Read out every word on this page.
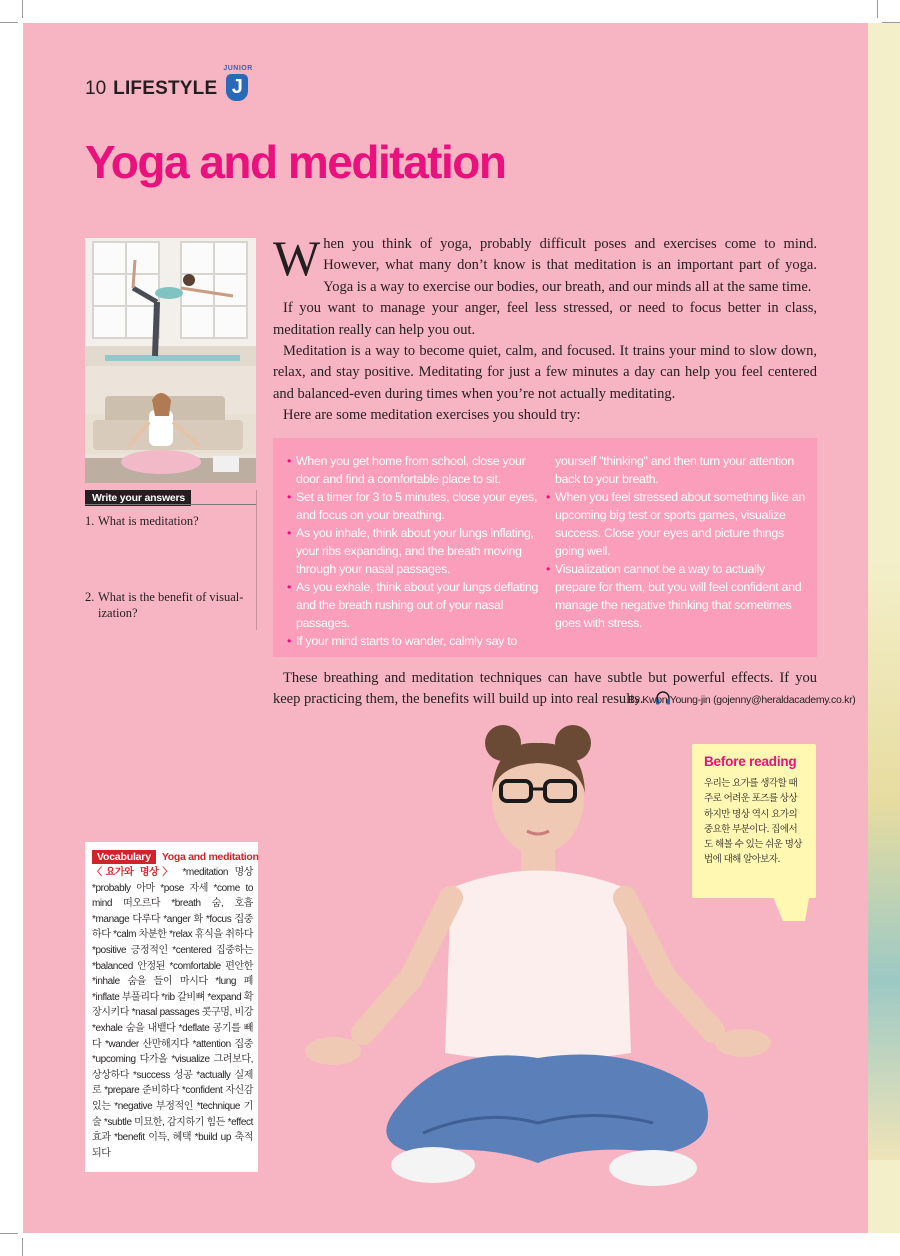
10 LIFESTYLE
JUNIOR
J
Yoga and meditation
Write your answers
1. What is meditation?
2. What is the benefit of visual-
ization?

When you think of yoga, probably difficult poses and exercises come to mind. However, what many don’t know is that meditation is an important part of yoga. Yoga is a way to exercise our bodies, our breath, and our minds all at the same time.

If you want to manage your anger, feel less stressed, or need to focus better in class, meditation really can help you out.

Meditation is a way to become quiet, calm, and focused. It trains your mind to slow down, relax, and stay positive. Meditating for just a few minutes a day can help you feel centered and balanced-even during times when you’re not actually meditating.

Here are some meditation exercises you should try:

• When you get home from school, close your door and find a comfortable place to sit.
• Set a timer for 3 to 5 minutes, close your eyes, and focus on your breathing.
• As you inhale, think about your lungs inflating, your ribs expanding, and the breath moving through your nasal passages.
• As you exhale, think about your lungs deflating and the breath rushing out of your nasal passages.
• If your mind starts to wander, calmly say to
yourself "thinking" and then turn your attention back to your breath.
• When you feel stressed about something like an upcoming big test or sports games, visualize success. Close your eyes and picture things going well.
• Visualization cannot be a way to actually prepare for them, but you will feel confident and manage the negative thinking that sometimes goes with stress.
These breathing and meditation techniques can have subtle but powerful effects. If you keep practicing them, the benefits will build up into real results.
By Kwon Young-jin (gojenny@heraldacademy.co.kr)
Before reading
우리는 요가를 생각할 때 주로 어려운 포즈를 상상하지만 명상 역시 요가의 중요한 부분이다. 집에서도 해볼 수 있는 쉬운 명상법에 대해 알아보자.
Vocabulary	Yoga and meditation
〈요가와 명상〉 *meditation 명상 *probably 아마 *pose 자세 *come to mind 떠오르다 *breath 숨, 호흡 *manage 다루다 *anger 화 *focus 집중하다 *calm 차분한 *relax 휴식을 취하다 *positive 긍정적인 *centered 집중하는 *balanced 안정된 *comfortable 편안한 *inhale 숨을 들이 마시다 *lung 폐 *inflate 부풀리다 *rib 갈비뼈 *expand 확장시키다 *nasal passages 콧구멍, 비강 *exhale 숨을 내뱉다 *deflate 공기를 빼다 *wander 산만해지다 *attention 집중 *upcoming 다가올 *visualize 그려보다, 상상하다 *success 성공 *actually 실제로 *prepare 준비하다 *confident 자신감 있는 *negative 부정적인 *technique 기술 *subtle 미묘한, 감지하기 힘든 *effect 효과 *benefit 이득, 혜택 *build up 축적되다
